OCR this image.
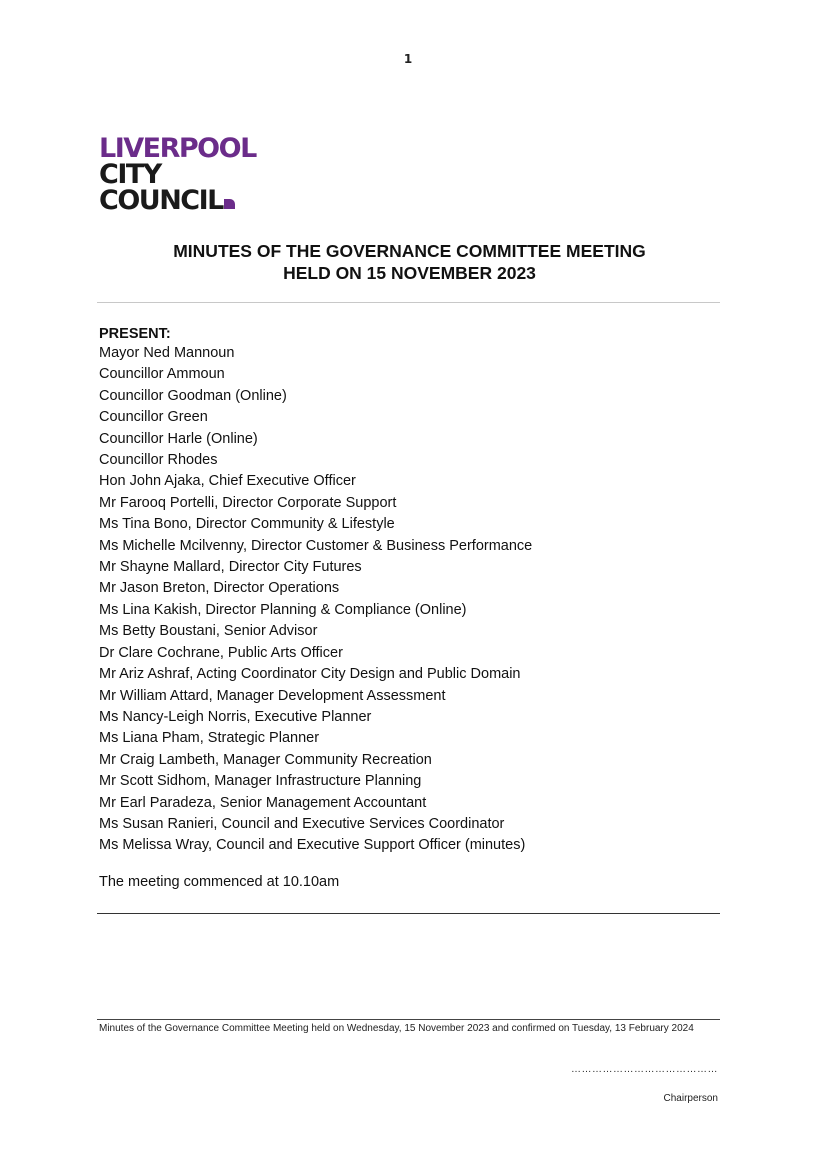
1
LIVERPOOL
CITY
COUNCIL
MINUTES OF THE GOVERNANCE COMMITTEE MEETING
HELD ON 15 NOVEMBER 2023
PRESENT:
Mayor Ned Mannoun
Councillor Ammoun
Councillor Goodman (Online)
Councillor Green
Councillor Harle (Online)
Councillor Rhodes
Hon John Ajaka, Chief Executive Officer
Mr Farooq Portelli, Director Corporate Support
Ms Tina Bono, Director Community & Lifestyle
Ms Michelle Mcilvenny, Director Customer & Business Performance
Mr Shayne Mallard, Director City Futures
Mr Jason Breton, Director Operations
Ms Lina Kakish, Director Planning & Compliance (Online)
Ms Betty Boustani, Senior Advisor
Dr Clare Cochrane, Public Arts Officer
Mr Ariz Ashraf, Acting Coordinator City Design and Public Domain
Mr William Attard, Manager Development Assessment
Ms Nancy-Leigh Norris, Executive Planner
Ms Liana Pham, Strategic Planner
Mr Craig Lambeth, Manager Community Recreation
Mr Scott Sidhom, Manager Infrastructure Planning
Mr Earl Paradeza, Senior Management Accountant
Ms Susan Ranieri, Council and Executive Services Coordinator
Ms Melissa Wray, Council and Executive Support Officer (minutes)
The meeting commenced at 10.10am
Minutes of the Governance Committee Meeting held on Wednesday, 15 November 2023 and confirmed on Tuesday, 13 February 2024
……………………………………
Chairperson
